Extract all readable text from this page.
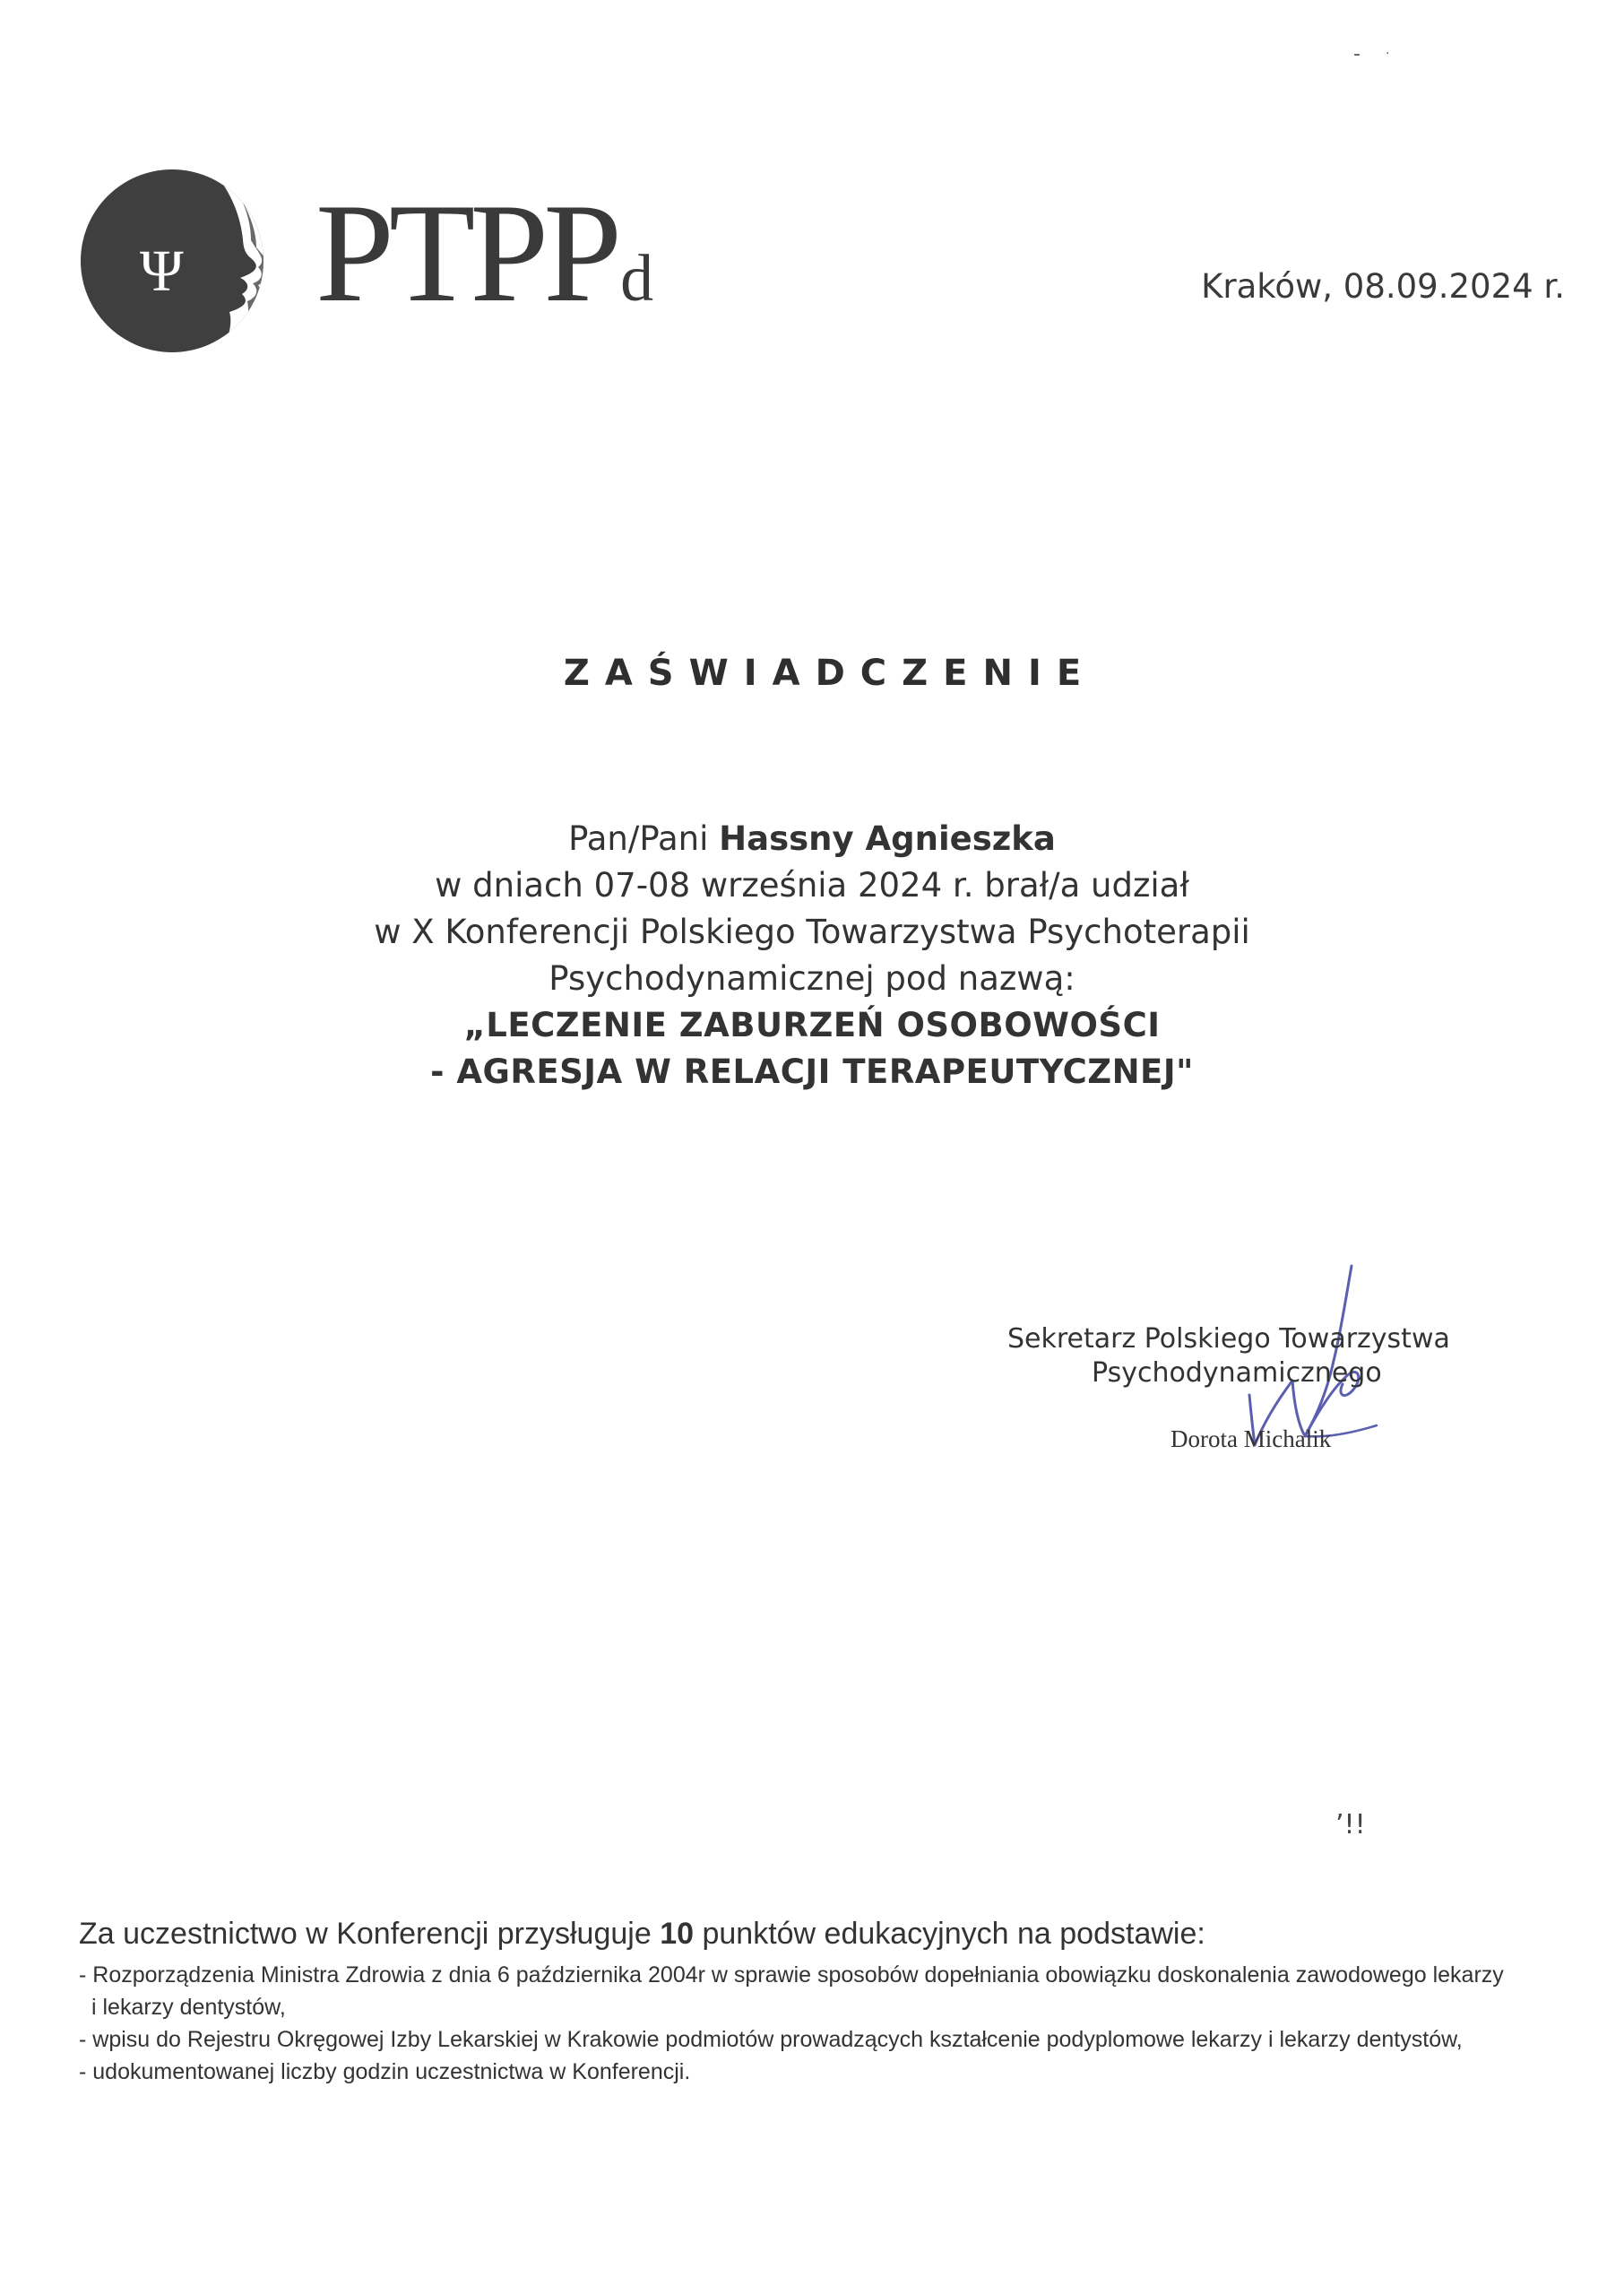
- ·
Ψ PTPPd	Kraków, 08.09.2024 r.
ZAŚWIADCZENIE
Pan/Pani Hassny Agnieszka
w dniach 07-08 września 2024 r. brał/a udział
w X Konferencji Polskiego Towarzystwa Psychoterapii
Psychodynamicznej pod nazwą:
„LECZENIE ZABURZEŃ OSOBOWOŚCI
- AGRESJA W RELACJI TERAPEUTYCZNEJ"
Sekretarz Polskiego Towarzystwa
Psychodynamicznego
Dorota Michalik
ʼ!!
Za uczestnictwo w Konferencji przysługuje 10 punktów edukacyjnych na podstawie:
- Rozporządzenia Ministra Zdrowia z dnia 6 października 2004r w sprawie sposobów dopełniania obowiązku doskonalenia zawodowego lekarzy i lekarzy dentystów,
- wpisu do Rejestru Okręgowej Izby Lekarskiej w Krakowie podmiotów prowadzących kształcenie podyplomowe lekarzy i lekarzy dentystów,
- udokumentowanej liczby godzin uczestnictwa w Konferencji.
